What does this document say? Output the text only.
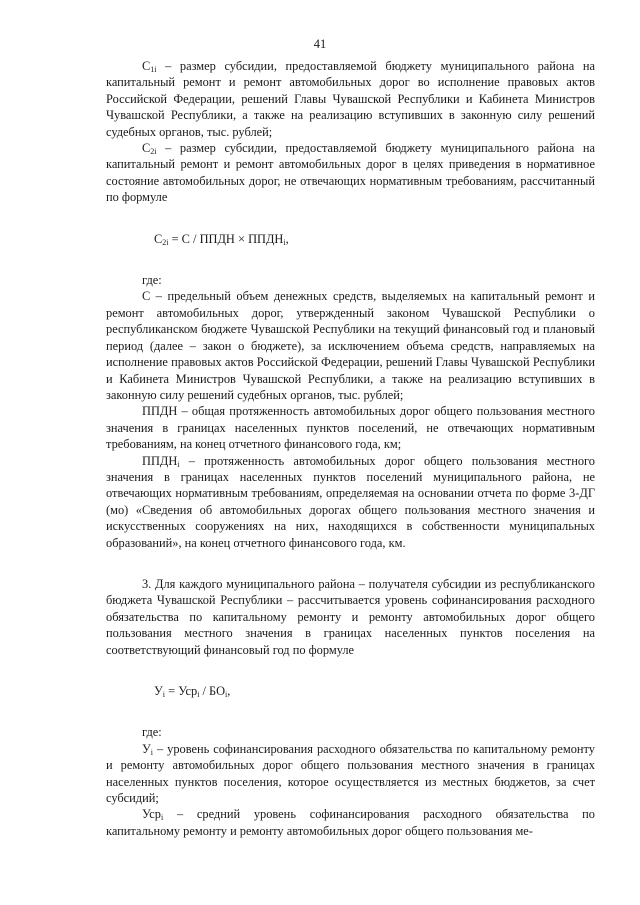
41

$С_{1i}$ – размер субсидии, предоставляемой бюджету муниципального района на капитальный ремонт и ремонт автомобильных дорог во исполнение правовых актов Российской Федерации, решений Главы Чувашской Республики и Кабинета Министров Чувашской Республики, а также на реализацию вступивших в законную силу решений судебных органов, тыс. рублей;

$С_{2i}$ – размер субсидии, предоставляемой бюджету муниципального района на капитальный ремонт и ремонт автомобильных дорог в целях приведения в нормативное состояние автомобильных дорог, не отвечающих нормативным требованиям, рассчитанный по формуле

$С_{2i} = С$ / ППДН × $ППДН_i$,

где:

С – предельный объем денежных средств, выделяемых на капитальный ремонт и ремонт автомобильных дорог, утвержденный законом Чувашской Республики о республиканском бюджете Чувашской Республики на текущий финансовый год и плановый период (далее – закон о бюджете), за исключением объема средств, направляемых на исполнение правовых актов Российской Федерации, решений Главы Чувашской Республики и Кабинета Министров Чувашской Республики, а также на реализацию вступивших в законную силу решений судебных органов, тыс. рублей;

ППДН – общая протяженность автомобильных дорог общего пользования местного значения в границах населенных пунктов поселений, не отвечающих нормативным требованиям, на конец отчетного финансового года, км;

$ППДН_i$ – протяженность автомобильных дорог общего пользования местного значения в границах населенных пунктов поселений муниципального района, не отвечающих нормативным требованиям, определяемая на основании отчета по форме 3-ДГ (мо) «Сведения об автомобильных дорогах общего пользования местного значения и искусственных сооружениях на них, находящихся в собственности муниципальных образований», на конец отчетного финансового года, км.

3. Для каждого муниципального района – получателя субсидии из республиканского бюджета Чувашской Республики – рассчитывается уровень софинансирования расходного обязательства по капитальному ремонту и ремонту автомобильных дорог общего пользования местного значения в границах населенных пунктов поселения на соответствующий финансовый год по формуле

$У_i = Уср_i / БО_i$,

где:

$У_i$ – уровень софинансирования расходного обязательства по капитальному ремонту и ремонту автомобильных дорог общего пользования местного значения в границах населенных пунктов поселения, которое осуществляется из местных бюджетов, за счет субсидий;

Уср$_i$ – средний уровень софинансирования расходного обязательства по капитальному ремонту и ремонту автомобильных дорог общего пользования ме-
